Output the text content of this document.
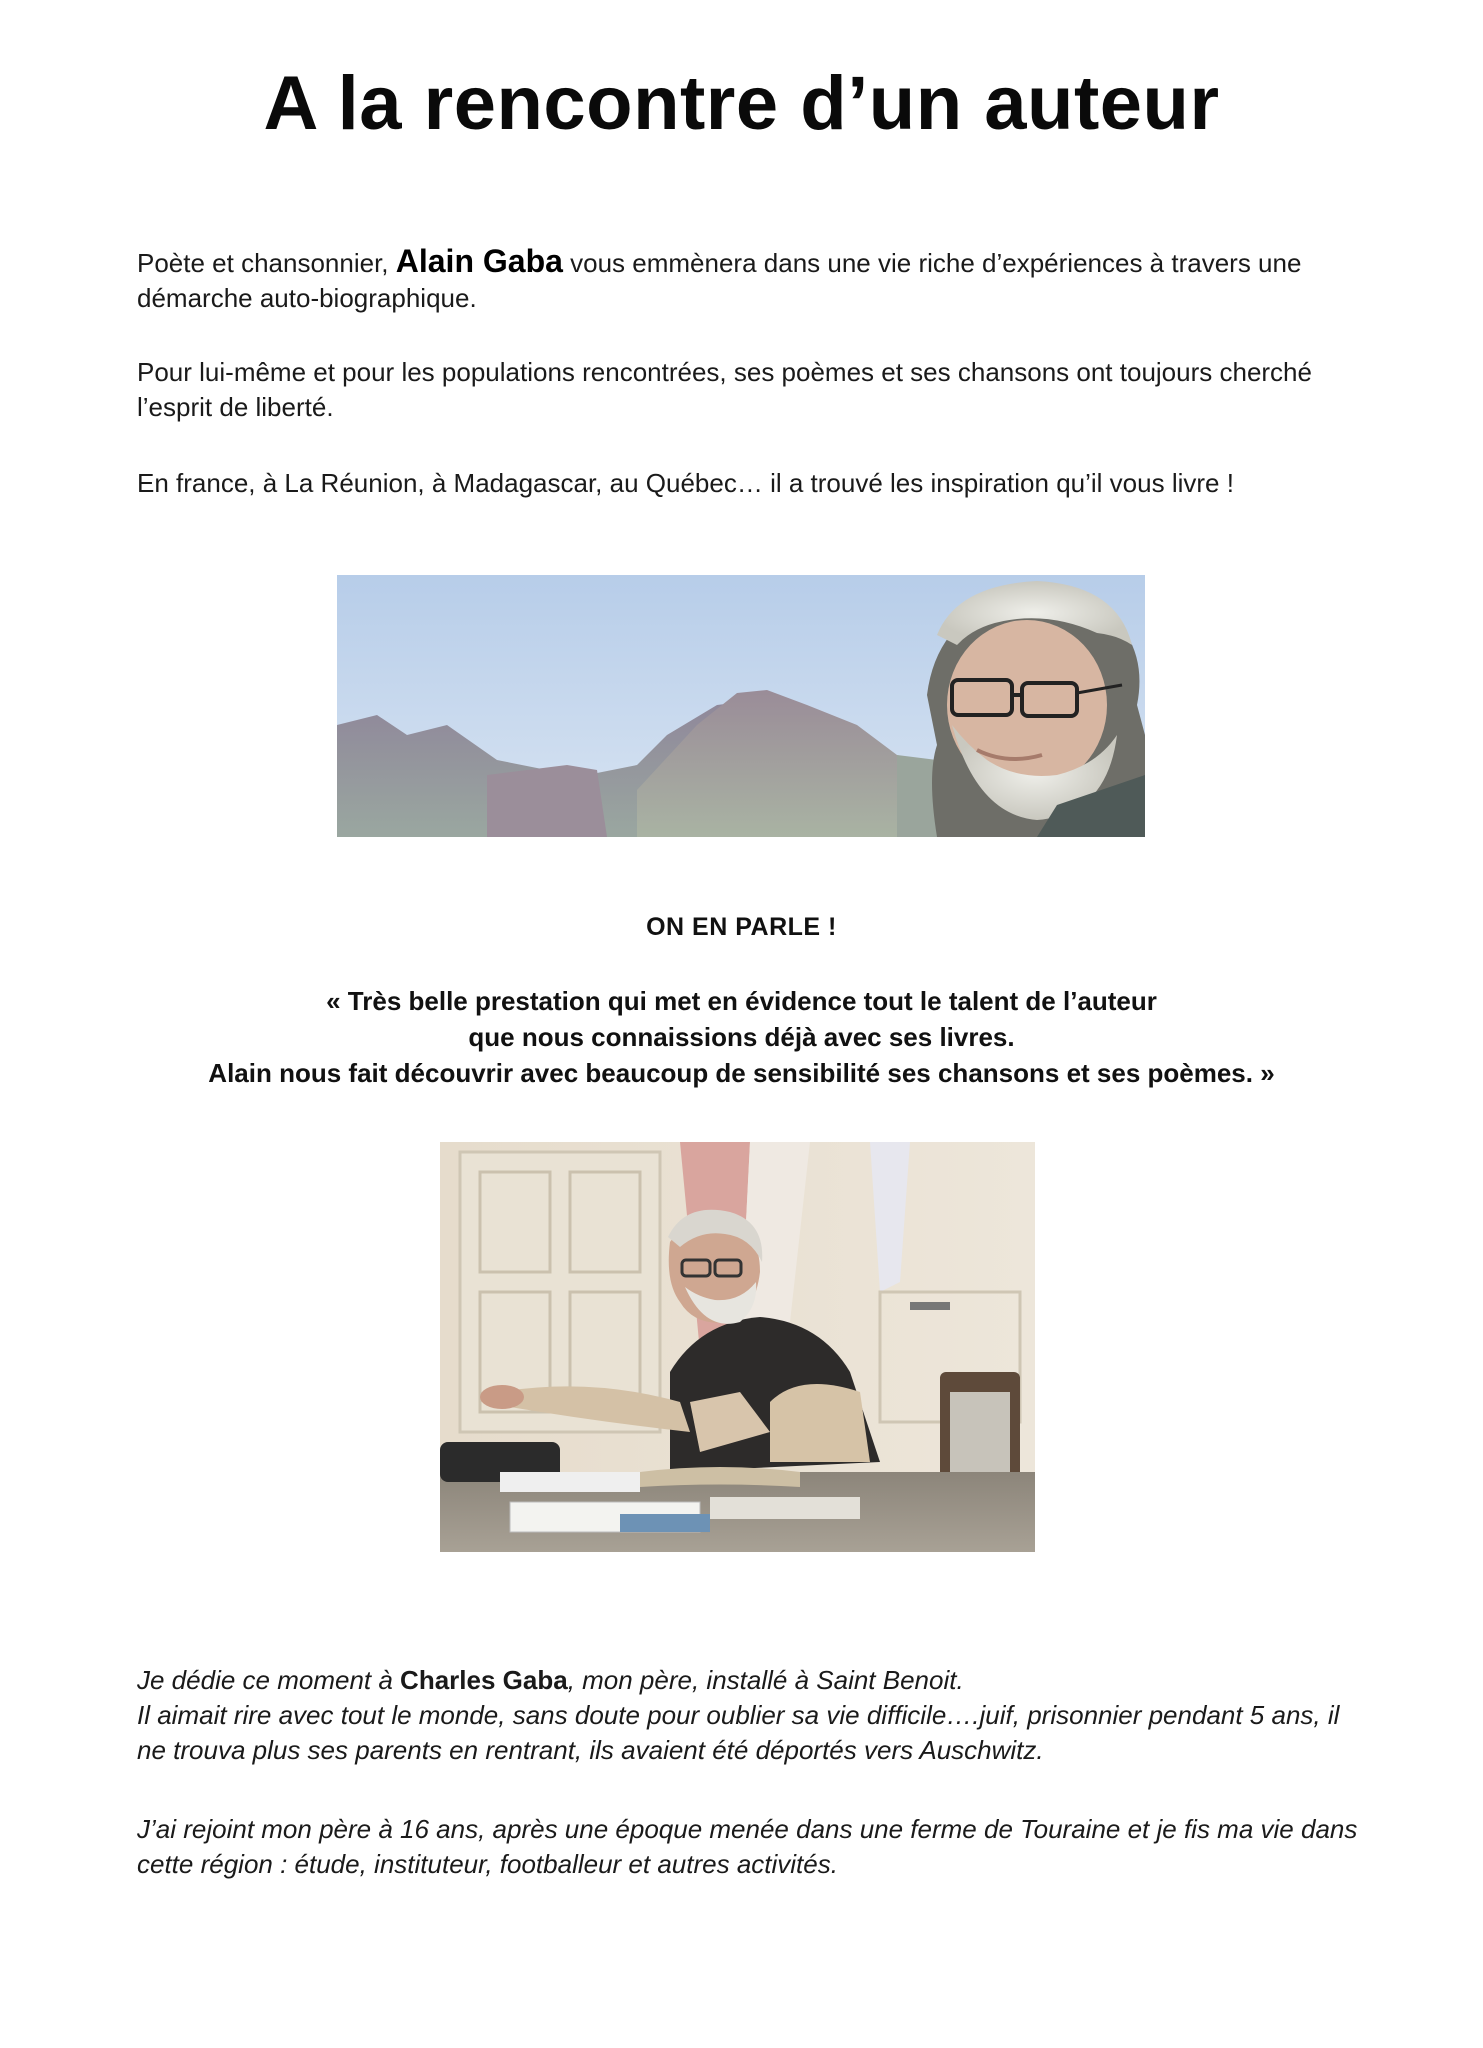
A la rencontre d’un auteur

Poète et chansonnier, Alain Gaba vous emmènera dans une vie riche d’expériences à travers une démarche auto-biographique.

Pour lui-même et pour les populations rencontrées, ses poèmes et ses chansons ont toujours cherché l’esprit de liberté.

En france, à La Réunion, à Madagascar, au Québec… il a trouvé les inspiration qu’il vous livre !

ON EN PARLE !
« Très belle prestation qui met en évidence tout le talent de l’auteur
que nous connaissions déjà avec ses livres.
Alain nous fait découvrir avec beaucoup de sensibilité ses chansons et ses poèmes. »

Je dédie ce moment à Charles Gaba, mon père, installé à Saint Benoit.

Il aimait rire avec tout le monde, sans doute pour oublier sa vie difficile….juif, prisonnier pendant 5 ans, il ne trouva plus ses parents en rentrant, ils avaient été déportés vers Auschwitz.

J’ai rejoint mon père à 16 ans, après une époque menée dans une ferme de Touraine et je fis ma vie dans cette région : étude, instituteur, footballeur et autres activités.
